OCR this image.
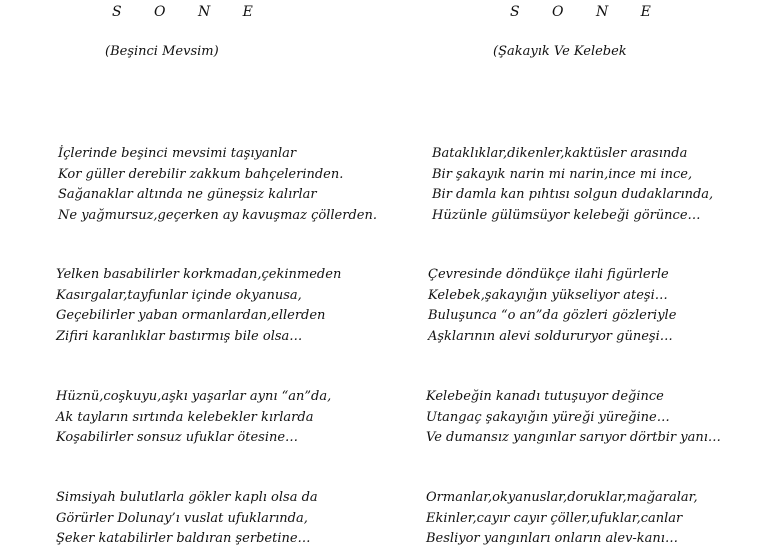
S O N E
(Beşinci Mevsim)
İçlerinde beşinci mevsimi taşıyanlar
Kor güller derebilir zakkum bahçelerinden.
Sağanaklar altında ne güneşsiz kalırlar
Ne yağmursuz,geçerken ay kavuşmaz çöllerden.
Yelken basabilirler korkmadan,çekinmeden
Kasırgalar,tayfunlar içinde okyanusa,
Geçebilirler yaban ormanlardan,ellerden
Zifiri karanlıklar bastırmış bile olsa…
Hüznü,coşkuyu,aşkı yaşarlar aynı “an”da,
Ak tayların sırtında kelebekler kırlarda
Koşabilirler sonsuz ufuklar ötesine…
Simsiyah bulutlarla gökler kaplı olsa da
Görürler Dolunay’ı vuslat ufuklarında,
Şeker katabilirler baldıran şerbetine…
S O N E
(Şakayık Ve Kelebek
Bataklıklar,dikenler,kaktüsler arasında
Bir şakayık narin mi narin,ince mi ince,
Bir damla kan pıhtısı solgun dudaklarında,
Hüzünle gülümsüyor kelebeği görünce…
Çevresinde döndükçe ilahi figürlerle
Kelebek,şakayığın yükseliyor ateşi…
Buluşunca “o an”da gözleri gözleriyle
Aşklarının alevi soldururyor güneşi…
Kelebeğin kanadı tutuşuyor değince
Utangaç şakayığın yüreği yüreğine…
Ve dumansız yangınlar sarıyor dörtbir yanı…
Ormanlar,okyanuslar,doruklar,mağaralar,
Ekinler,cayır cayır çöller,ufuklar,canlar
Besliyor yangınları onların alev-kanı…
